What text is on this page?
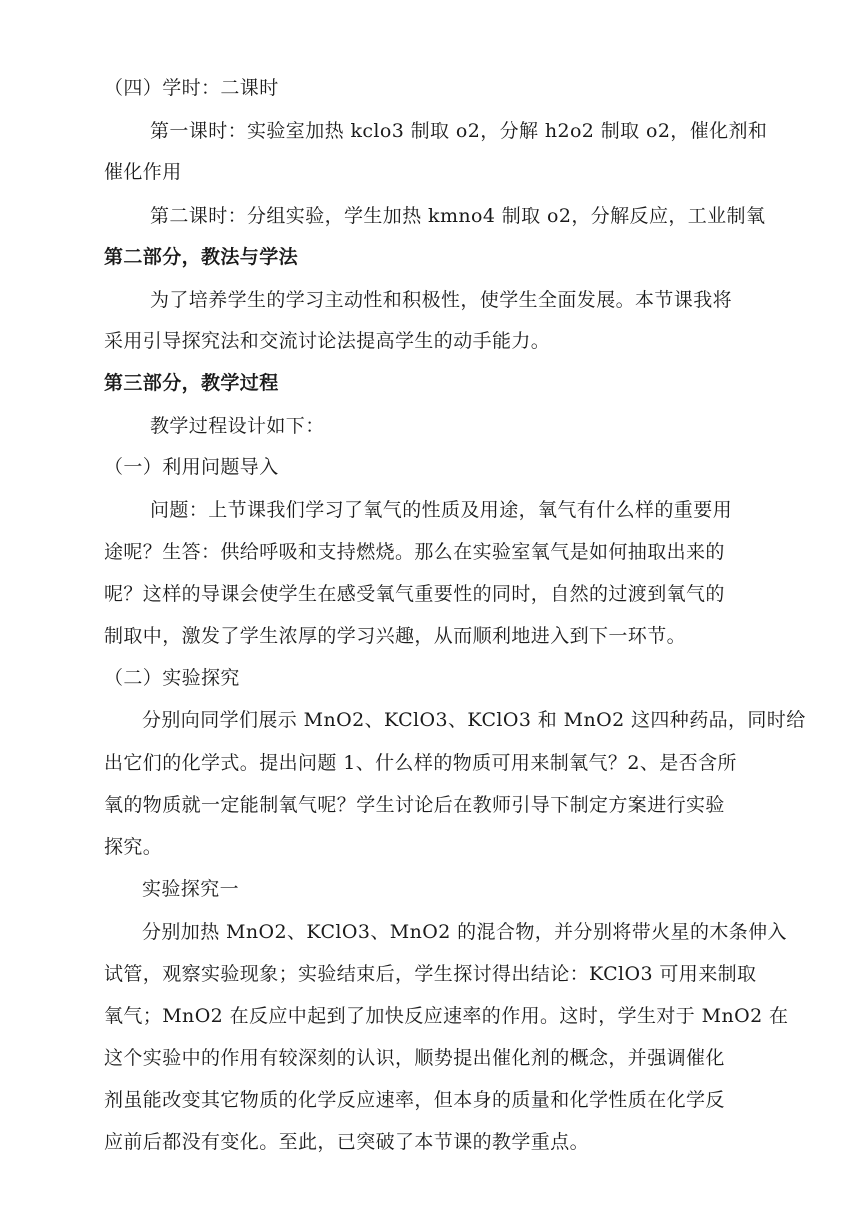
（四）学时：二课时
第一课时：实验室加热 kclo3 制取 o2，分解 h2o2 制取 o2，催化剂和
催化作用
第二课时：分组实验，学生加热 kmno4 制取 o2，分解反应，工业制氧
第二部分，教法与学法
为了培养学生的学习主动性和积极性，使学生全面发展。本节课我将
采用引导探究法和交流讨论法提高学生的动手能力。
第三部分，教学过程
教学过程设计如下：
（一）利用问题导入
问题：上节课我们学习了氧气的性质及用途，氧气有什么样的重要用
途呢？生答：供给呼吸和支持燃烧。那么在实验室氧气是如何抽取出来的
呢？这样的导课会使学生在感受氧气重要性的同时，自然的过渡到氧气的
制取中，激发了学生浓厚的学习兴趣，从而顺利地进入到下一环节。
（二）实验探究
分别向同学们展示 MnO2、KClO3、KClO3 和 MnO2 这四种药品，同时给
出它们的化学式。提出问题 1、什么样的物质可用来制氧气？2、是否含所
氧的物质就一定能制氧气呢？学生讨论后在教师引导下制定方案进行实验
探究。
实验探究一
分别加热 MnO2、KClO3、MnO2 的混合物，并分别将带火星的木条伸入
试管，观察实验现象；实验结束后，学生探讨得出结论：KClO3 可用来制取
氧气；MnO2 在反应中起到了加快反应速率的作用。这时，学生对于 MnO2 在
这个实验中的作用有较深刻的认识，顺势提出催化剂的概念，并强调催化
剂虽能改变其它物质的化学反应速率，但本身的质量和化学性质在化学反
应前后都没有变化。至此，已突破了本节课的教学重点。
